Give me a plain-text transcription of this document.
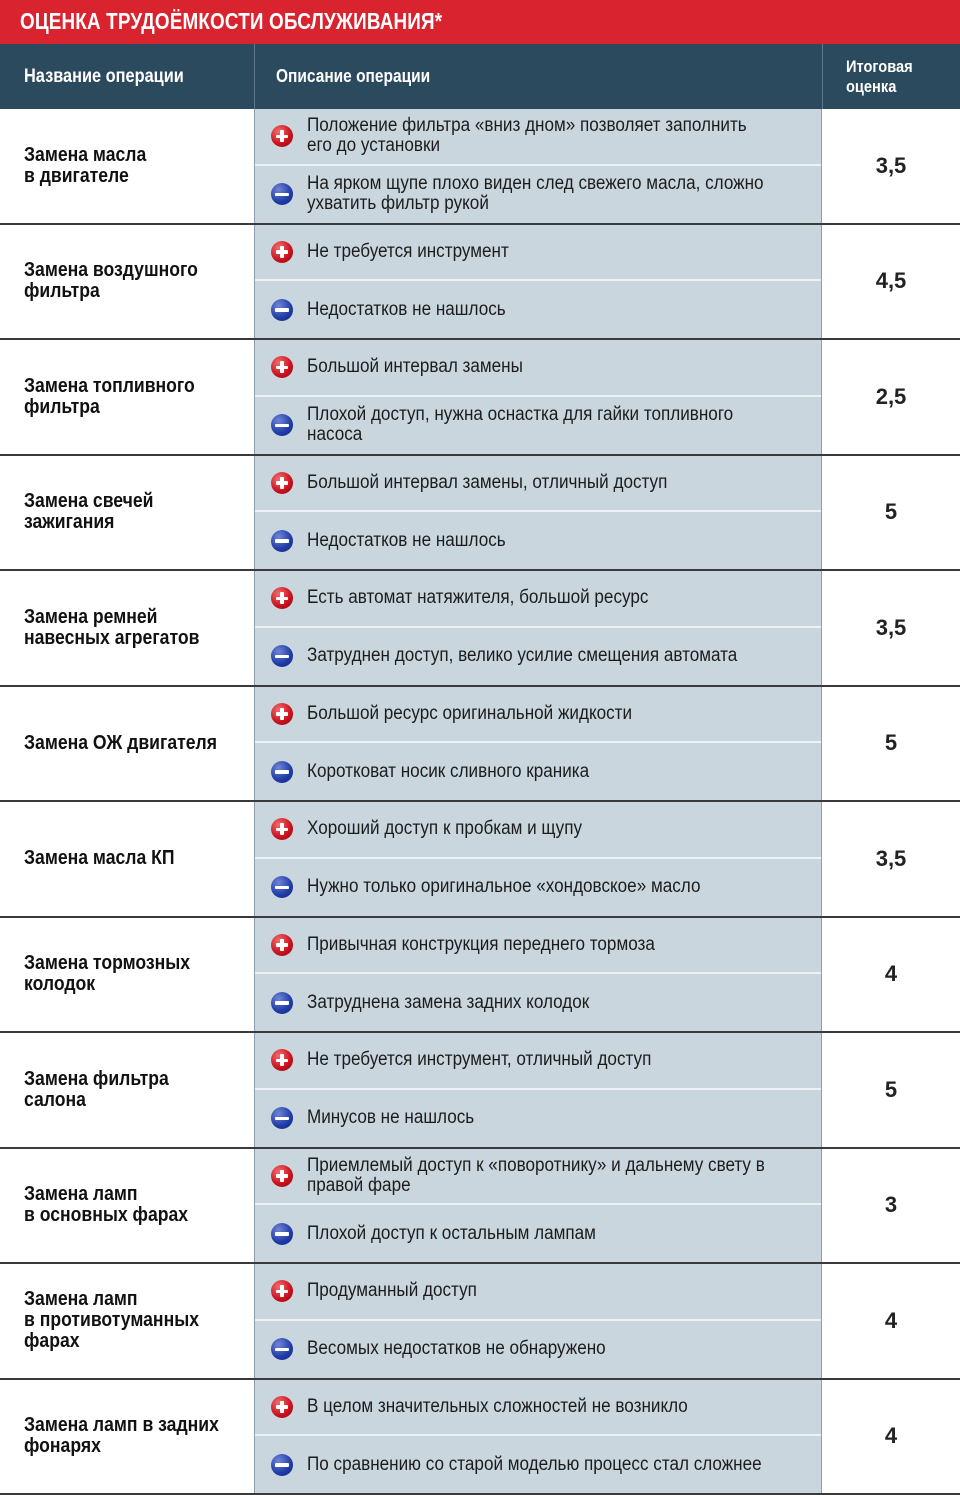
ОЦЕНКА ТРУДОЁМКОСТИ ОБСЛУЖИВАНИЯ*
Название операции	Описание операции	Итоговая оценка
Замена масла
в двигателе
Положение фильтра «вниз дном» позволяет заполнить его до установки
На ярком щупе плохо виден след свежего масла, сложно ухватить фильтр рукой
3,5
Замена воздушного
фильтра
Не требуется инструмент
Недостатков не нашлось
4,5
Замена топливного
фильтра
Большой интервал замены
Плохой доступ, нужна оснастка для гайки топливного насоса
2,5
Замена свечей
зажигания
Большой интервал замены, отличный доступ
Недостатков не нашлось
5
Замена ремней
навесных агрегатов
Есть автомат натяжителя, большой ресурс
Затруднен доступ, велико усилие смещения автомата
3,5
Замена ОЖ двигателя
Большой ресурс оригинальной жидкости
Коротковат носик сливного краника
5
Замена масла КП
Хороший доступ к пробкам и щупу
Нужно только оригинальное «хондовское» масло
3,5
Замена тормозных
колодок
Привычная конструкция переднего тормоза
Затруднена замена задних колодок
4
Замена фильтра
салона
Не требуется инструмент, отличный доступ
Минусов не нашлось
5
Замена ламп
в основных фарах
Приемлемый доступ к «поворотнику» и дальнему свету в правой фаре
Плохой доступ к остальным лампам
3
Замена ламп
в противотуманных
фарах
Продуманный доступ
Весомых недостатков не обнаружено
4
Замена ламп в задних
фонарях
В целом значительных сложностей не возникло
По сравнению со старой моделью процесс стал сложнее
4
